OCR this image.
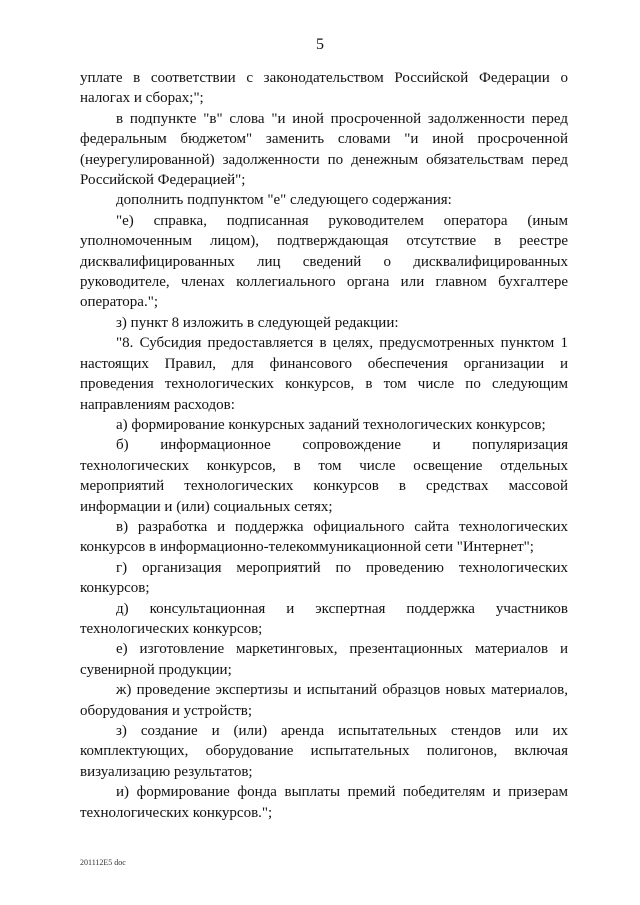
5

уплате в соответствии с законодательством Российской Федерации о налогах и сборах;";

в подпункте "в" слова "и иной просроченной задолженности перед федеральным бюджетом" заменить словами "и иной просроченной (неурегулированной) задолженности по денежным обязательствам перед Российской Федерацией";

дополнить подпунктом "е" следующего содержания:

"е) справка, подписанная руководителем оператора (иным уполномоченным лицом), подтверждающая отсутствие в реестре дисквалифицированных лиц сведений о дисквалифицированных руководителе, членах коллегиального органа или главном бухгалтере оператора.";

з) пункт 8 изложить в следующей редакции:

"8. Субсидия предоставляется в целях, предусмотренных пунктом 1 настоящих Правил, для финансового обеспечения организации и проведения технологических конкурсов, в том числе по следующим направлениям расходов:

а) формирование конкурсных заданий технологических конкурсов;

б) информационное сопровождение и популяризация технологических конкурсов, в том числе освещение отдельных мероприятий технологических конкурсов в средствах массовой информации и (или) социальных сетях;

в) разработка и поддержка официального сайта технологических конкурсов в информационно-телекоммуникационной сети "Интернет";

г) организация мероприятий по проведению технологических конкурсов;

д) консультационная и экспертная поддержка участников технологических конкурсов;

е) изготовление маркетинговых, презентационных материалов и сувенирной продукции;

ж) проведение экспертизы и испытаний образцов новых материалов, оборудования и устройств;

з) создание и (или) аренда испытательных стендов или их комплектующих, оборудование испытательных полигонов, включая визуализацию результатов;

и) формирование фонда выплаты премий победителям и призерам технологических конкурсов.";

201112E5 doc
